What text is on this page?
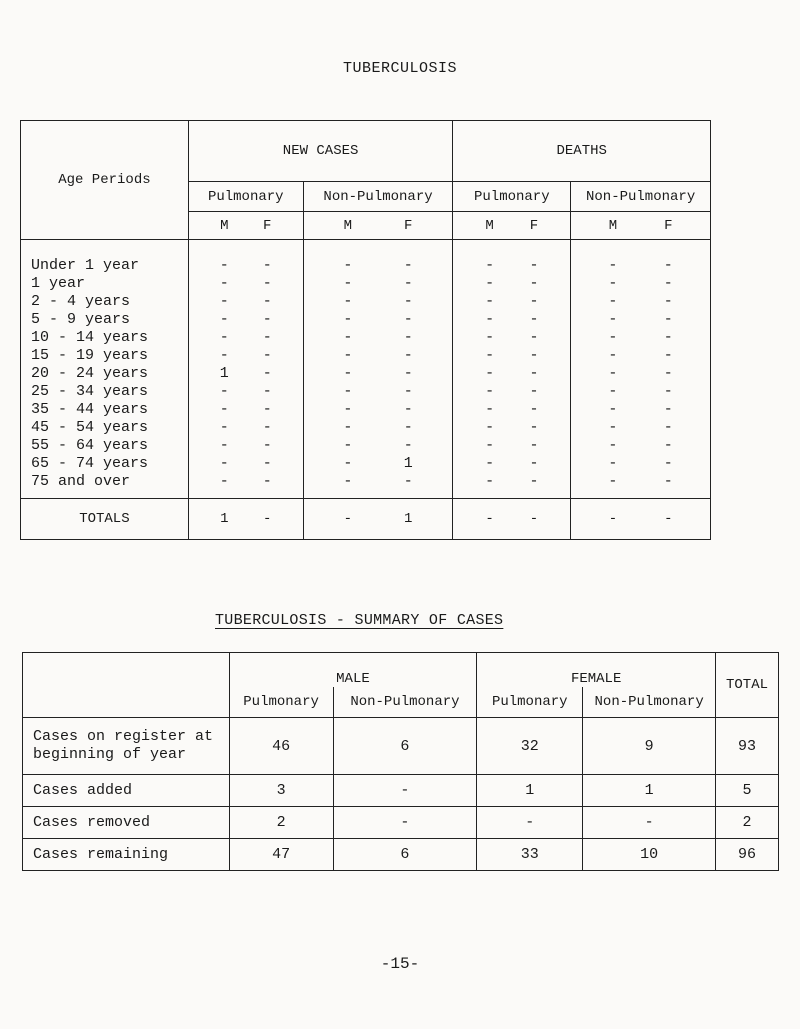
TUBERCULOSIS
Age Periods	NEW CASES		DEATHS	
	Pulmonary	Non-Pulmonary	Pulmonary	Non-Pulmonary

	M F	M F	M F	M F

Under 1 year	- -	- -	- -	- -

1 year	- -	- -	- -	- -

2 - 4 years	- -	- -	- -	- -

5 - 9 years	- -	- -	- -	- -

10 - 14 years	- -	- -	- -	- -

15 - 19 years	- -	- -	- -	- -

20 - 24 years	1 -	- -	- -	- -

25 - 34 years	- -	- -	- -	- -

35 - 44 years	- -	- -	- -	- -

45 - 54 years	- -	- -	- -	- -

55 - 64 years	- -	- -	- -	- -

65 - 74 years	- -	- 1	- -	- -

75 and over	- -	- -	- -	- -

TOTALS	1 -	- 1	- -	- -
TUBERCULOSIS - SUMMARY OF CASES
	MALE		FEMALE		TOTAL
	Pulmonary	Non-Pulmonary	Pulmonary	Non-Pulmonary	
Cases on register at beginning of year	46	6	32	9	93
Cases added	3	-	1	1	5
Cases removed	2	-	-	-	2
Cases remaining	47	6	33	10	96
-15-
